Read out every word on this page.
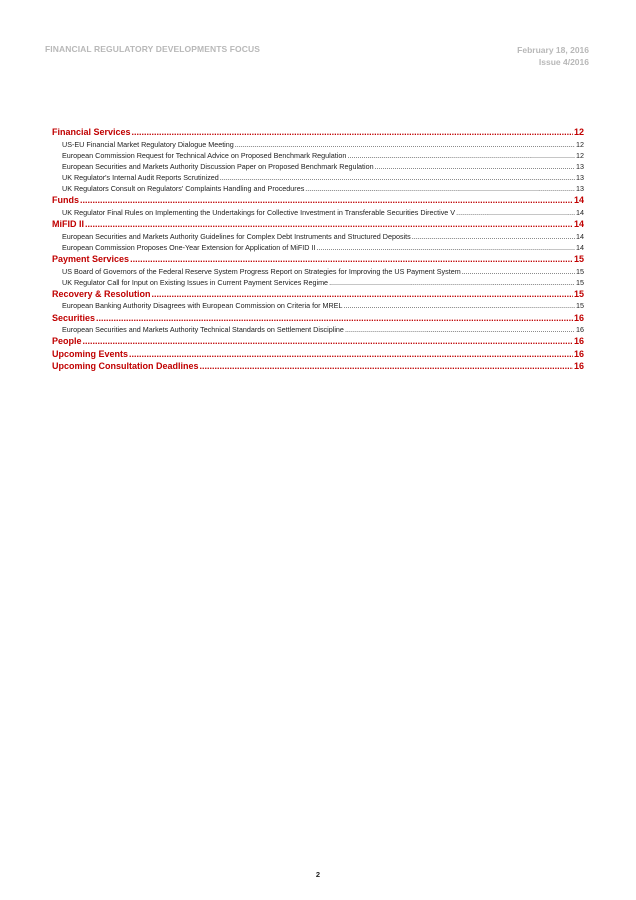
FINANCIAL REGULATORY DEVELOPMENTS FOCUS	February 18, 2016
Issue 4/2016
Financial Services .....	12
US-EU Financial Market Regulatory Dialogue Meeting .....	12
European Commission Request for Technical Advice on Proposed Benchmark Regulation .....	12
European Securities and Markets Authority Discussion Paper on Proposed Benchmark Regulation .....	13
UK Regulator's Internal Audit Reports Scrutinized .....	13
UK Regulators Consult on Regulators' Complaints Handling and Procedures .....	13
Funds .....	14
UK Regulator Final Rules on Implementing the Undertakings for Collective Investment in Transferable Securities Directive V .....	14
MiFID II .....	14
European Securities and Markets Authority Guidelines for Complex Debt Instruments and Structured Deposits .....	14
European Commission Proposes One-Year Extension for Application of MiFID II .....	14
Payment Services .....	15
US Board of Governors of the Federal Reserve System Progress Report on Strategies for Improving the US Payment System .....	15
UK Regulator Call for Input on Existing Issues in Current Payment Services Regime .....	15
Recovery & Resolution .....	15
European Banking Authority Disagrees with European Commission on Criteria for MREL .....	15
Securities .....	16
European Securities and Markets Authority Technical Standards on Settlement Discipline .....	16
People .....	16
Upcoming Events .....	16
Upcoming Consultation Deadlines .....	16
2
